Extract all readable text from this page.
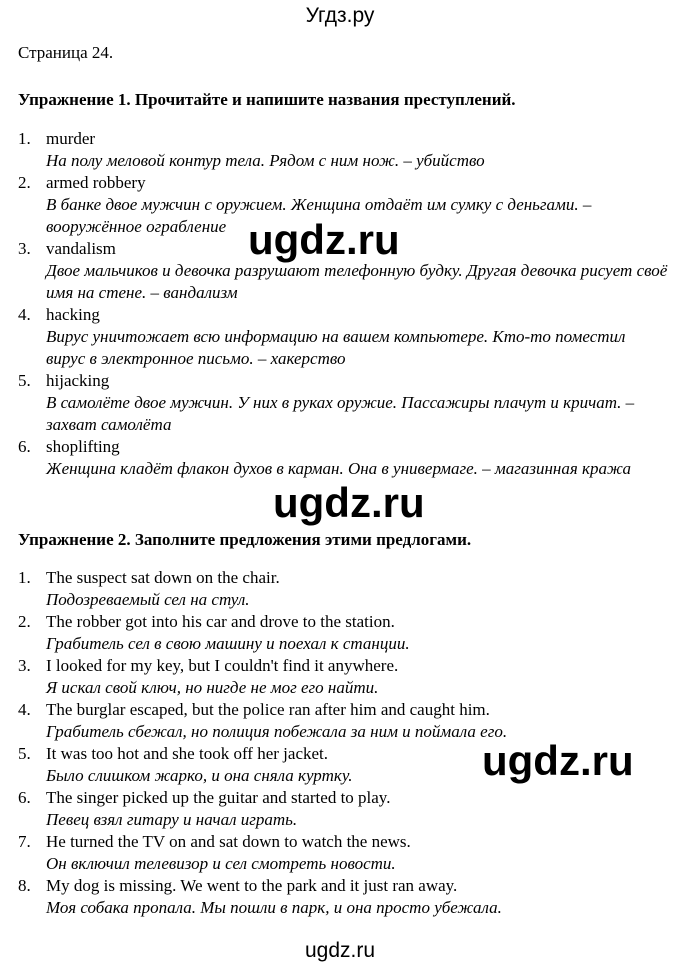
Угдз.ру
Страница 24.
Упражнение 1. Прочитайте и напишите названия преступлений.
1. murder
На полу меловой контур тела. Рядом с ним нож. – убийство
2. armed robbery
В банке двое мужчин с оружием. Женщина отдаёт им сумку с деньгами. – вооружённое ограбление
3. vandalism
Двое мальчиков и девочка разрушают телефонную будку. Другая девочка рисует своё имя на стене. – вандализм
4. hacking
Вирус уничтожает всю информацию на вашем компьютере. Кто-то поместил вирус в электронное письмо. – хакерство
5. hijacking
В самолёте двое мужчин. У них в руках оружие. Пассажиры плачут и кричат. – захват самолёта
6. shoplifting
Женщина кладёт флакон духов в карман. Она в универмаге. – магазинная кража
Упражнение 2. Заполните предложения этими предлогами.
1. The suspect sat down on the chair.
Подозреваемый сел на стул.
2. The robber got into his car and drove to the station.
Грабитель сел в свою машину и поехал к станции.
3. I looked for my key, but I couldn't find it anywhere.
Я искал свой ключ, но нигде не мог его найти.
4. The burglar escaped, but the police ran after him and caught him.
Грабитель сбежал, но полиция побежала за ним и поймала его.
5. It was too hot and she took off her jacket.
Было слишком жарко, и она сняла куртку.
6. The singer picked up the guitar and started to play.
Певец взял гитару и начал играть.
7. He turned the TV on and sat down to watch the news.
Он включил телевизор и сел смотреть новости.
8. My dog is missing. We went to the park and it just ran away.
Моя собака пропала. Мы пошли в парк, и она просто убежала.
ugdz.ru
ugdz.ru
ugdz.ru
ugdz.ru
